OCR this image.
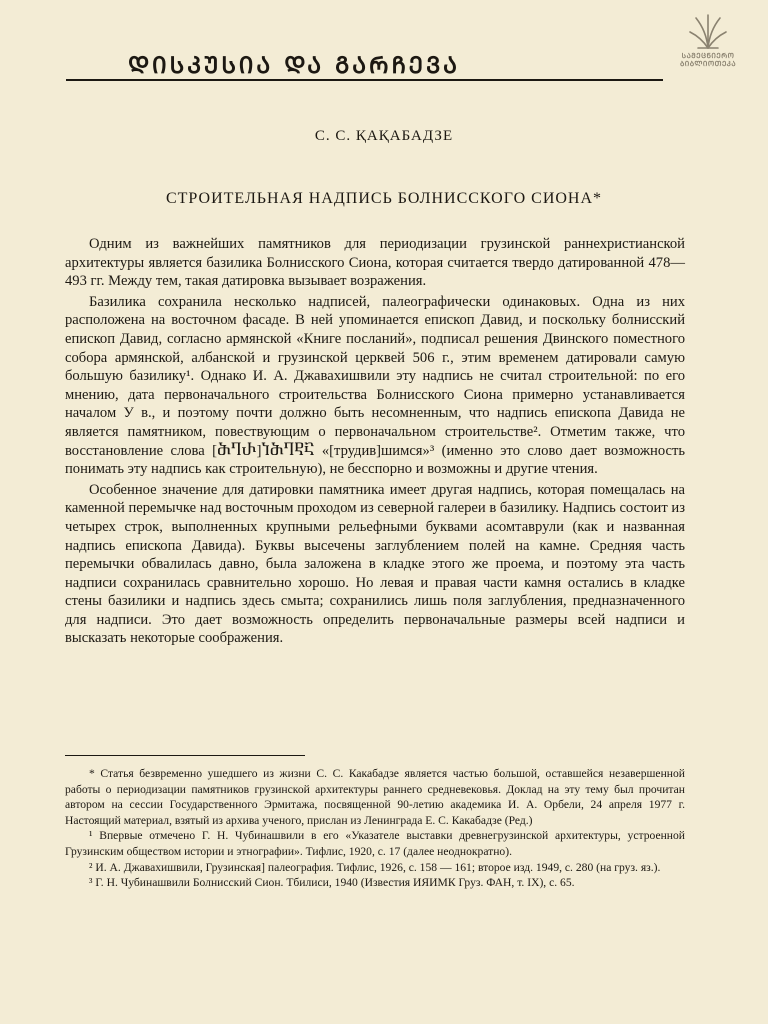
ᲓᲘᲡᲙᲣᲡᲘᲐ ᲓᲐ ᲒᲐᲠᲩᲔᲕᲐ	ᲡᲐᲛᲔᲪᲜᲘᲔᲠᲝ
ᲑᲘᲑᲚᲘᲝᲗᲔᲙᲐ
С. С. ҚАҚАБАДЗЕ
СТРОИТЕЛЬНАЯ НАДПИСЬ БОЛНИССКОГО СИОНА*

Одним из важнейших памятников для периодизации грузинской раннехристианской архитектуры является базилика Болнисского Сиона, которая считается твердо датированной 478—493 гг. Между тем, такая датировка вызывает возражения.

Базилика сохранила несколько надписей, палеографически одинаковых. Одна из них расположена на восточном фасаде. В ней упоминается епископ Давид, и поскольку болнисский епископ Давид, согласно армянской «Книге посланий», подписал решения Двинского поместного собора армянской, албанской и грузинской церквей 506 г., этим временем датировали самую большую базилику¹. Однако И. А. Джавахишвили эту надпись не считал строительной: по его мнению, дата первоначального строительства Болнисского Сиона примерно устанавливается началом У в., и поэтому почти должно быть несомненным, что надпись епископа Давида не является памятником, повествующим о первоначальном строительстве². Отметим также, что восстановление слова [ႫႤႰ]ႨႫႤႲႠ «[трудив]шимся»³ (именно это слово дает возможность понимать эту надпись как строительную), не бесспорно и возможны и другие чтения.

Особенное значение для датировки памятника имеет другая надпись, которая помещалась на каменной перемычке над восточным проходом из северной галереи в базилику. Надпись состоит из четырех строк, выполненных крупными рельефными буквами асомтаврули (как и названная надпись епископа Давида). Буквы высечены заглублением полей на камне. Средняя часть перемычки обвалилась давно, была заложена в кладке этого же проема, и поэтому эта часть надписи сохранилась сравнительно хорошо. Но левая и правая части камня остались в кладке стены базилики и надпись здесь смыта; сохранились лишь поля заглубления, предназначенного для надписи. Это дает возможность определить первоначальные размеры всей надписи и высказать некоторые соображения.

* Статья безвременно ушедшего из жизни С. С. Какабадзе является частью большой, оставшейся незавершенной работы о периодизации памятников грузинской архитектуры раннего средневековья. Доклад на эту тему был прочитан автором на сессии Государственного Эрмитажа, посвященной 90-летию академика И. А. Орбели, 24 апреля 1977 г. Настоящий материал, взятый из архива ученого, прислан из Ленинграда Е. С. Какабадзе (Ред.)

¹ Впервые отмечено Г. Н. Чубинашвили в его «Указателе выставки древнегрузинской архитектуры, устроенной Грузинским обществом истории и этнографии». Тифлис, 1920, с. 17 (далее неоднократно).

² И. А. Джавахишвили, Грузинская] палеография. Тифлис, 1926, с. 158 — 161; второе изд. 1949, с. 280 (на груз. яз.).

³ Г. Н. Чубинашвили Болнисский Сион. Тбилиси, 1940 (Известия ИЯИМК Груз. ФАН, т. IX), с. 65.
